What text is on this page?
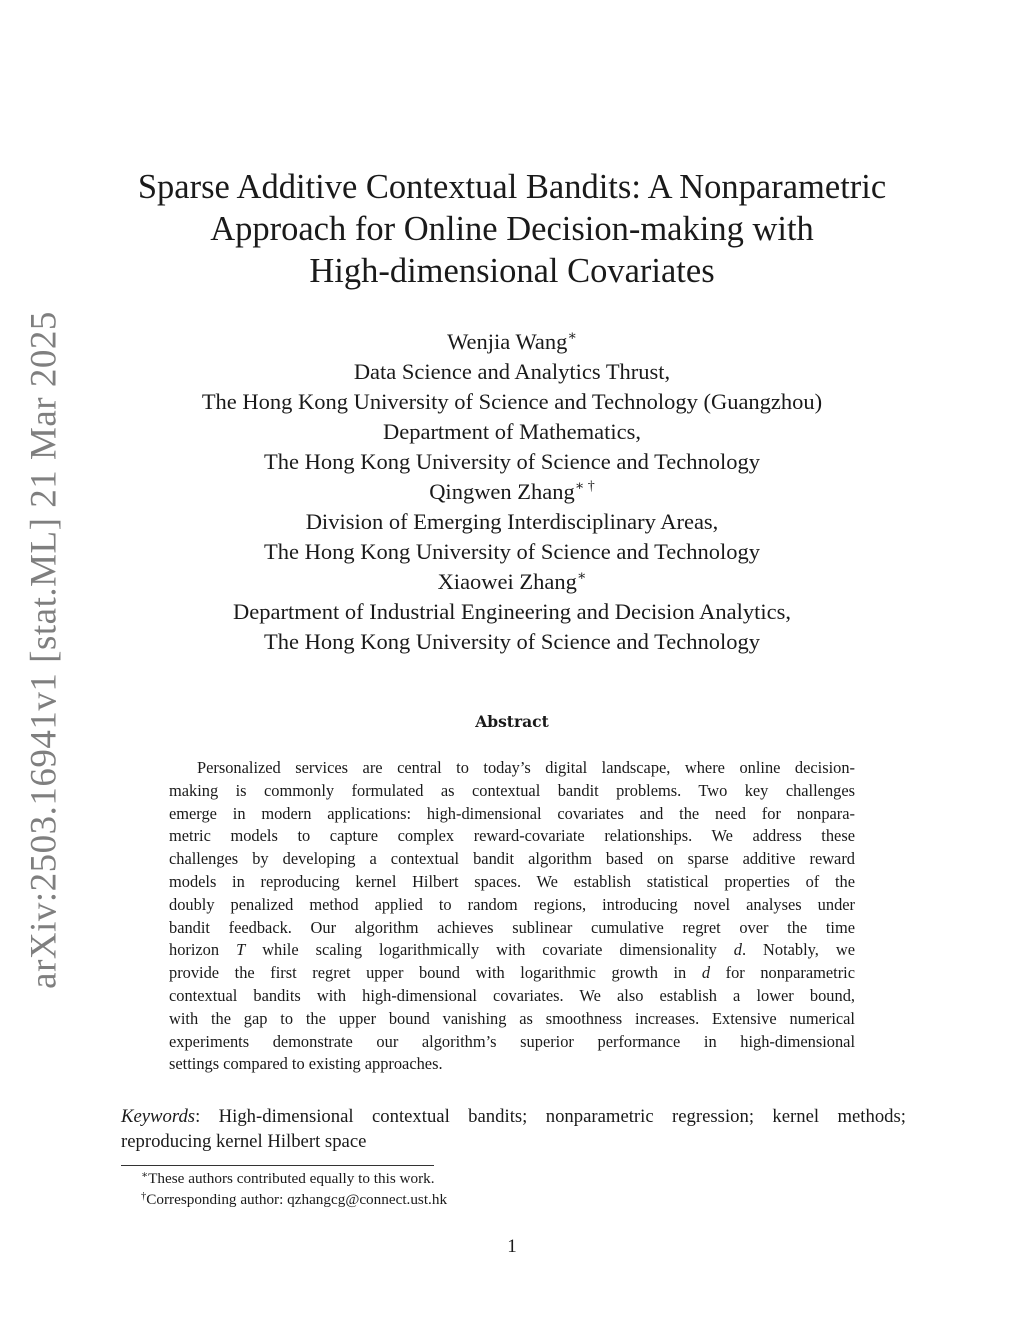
arXiv:2503.16941v1 [stat.ML] 21 Mar 2025
Sparse Additive Contextual Bandits: A Nonparametric
Approach for Online Decision-making with
High-dimensional Covariates
Wenjia Wang∗
Data Science and Analytics Thrust,
The Hong Kong University of Science and Technology (Guangzhou)
Department of Mathematics,
The Hong Kong University of Science and Technology
Qingwen Zhang∗ †
Division of Emerging Interdisciplinary Areas,
The Hong Kong University of Science and Technology
Xiaowei Zhang∗
Department of Industrial Engineering and Decision Analytics,
The Hong Kong University of Science and Technology
Abstract
Personalized services are central to today’s digital landscape, where online decision-
making is commonly formulated as contextual bandit problems. Two key challenges
emerge in modern applications: high-dimensional covariates and the need for nonpara-
metric models to capture complex reward-covariate relationships. We address these
challenges by developing a contextual bandit algorithm based on sparse additive reward
models in reproducing kernel Hilbert spaces. We establish statistical properties of the
doubly penalized method applied to random regions, introducing novel analyses under
bandit feedback. Our algorithm achieves sublinear cumulative regret over the time
horizon T while scaling logarithmically with covariate dimensionality d. Notably, we
provide the first regret upper bound with logarithmic growth in d for nonparametric
contextual bandits with high-dimensional covariates. We also establish a lower bound,
with the gap to the upper bound vanishing as smoothness increases. Extensive numerical
experiments demonstrate our algorithm’s superior performance in high-dimensional
settings compared to existing approaches.
Keywords: High-dimensional contextual bandits; nonparametric regression; kernel methods;
reproducing kernel Hilbert space
∗These authors contributed equally to this work.
†Corresponding author: qzhangcg@connect.ust.hk
1
